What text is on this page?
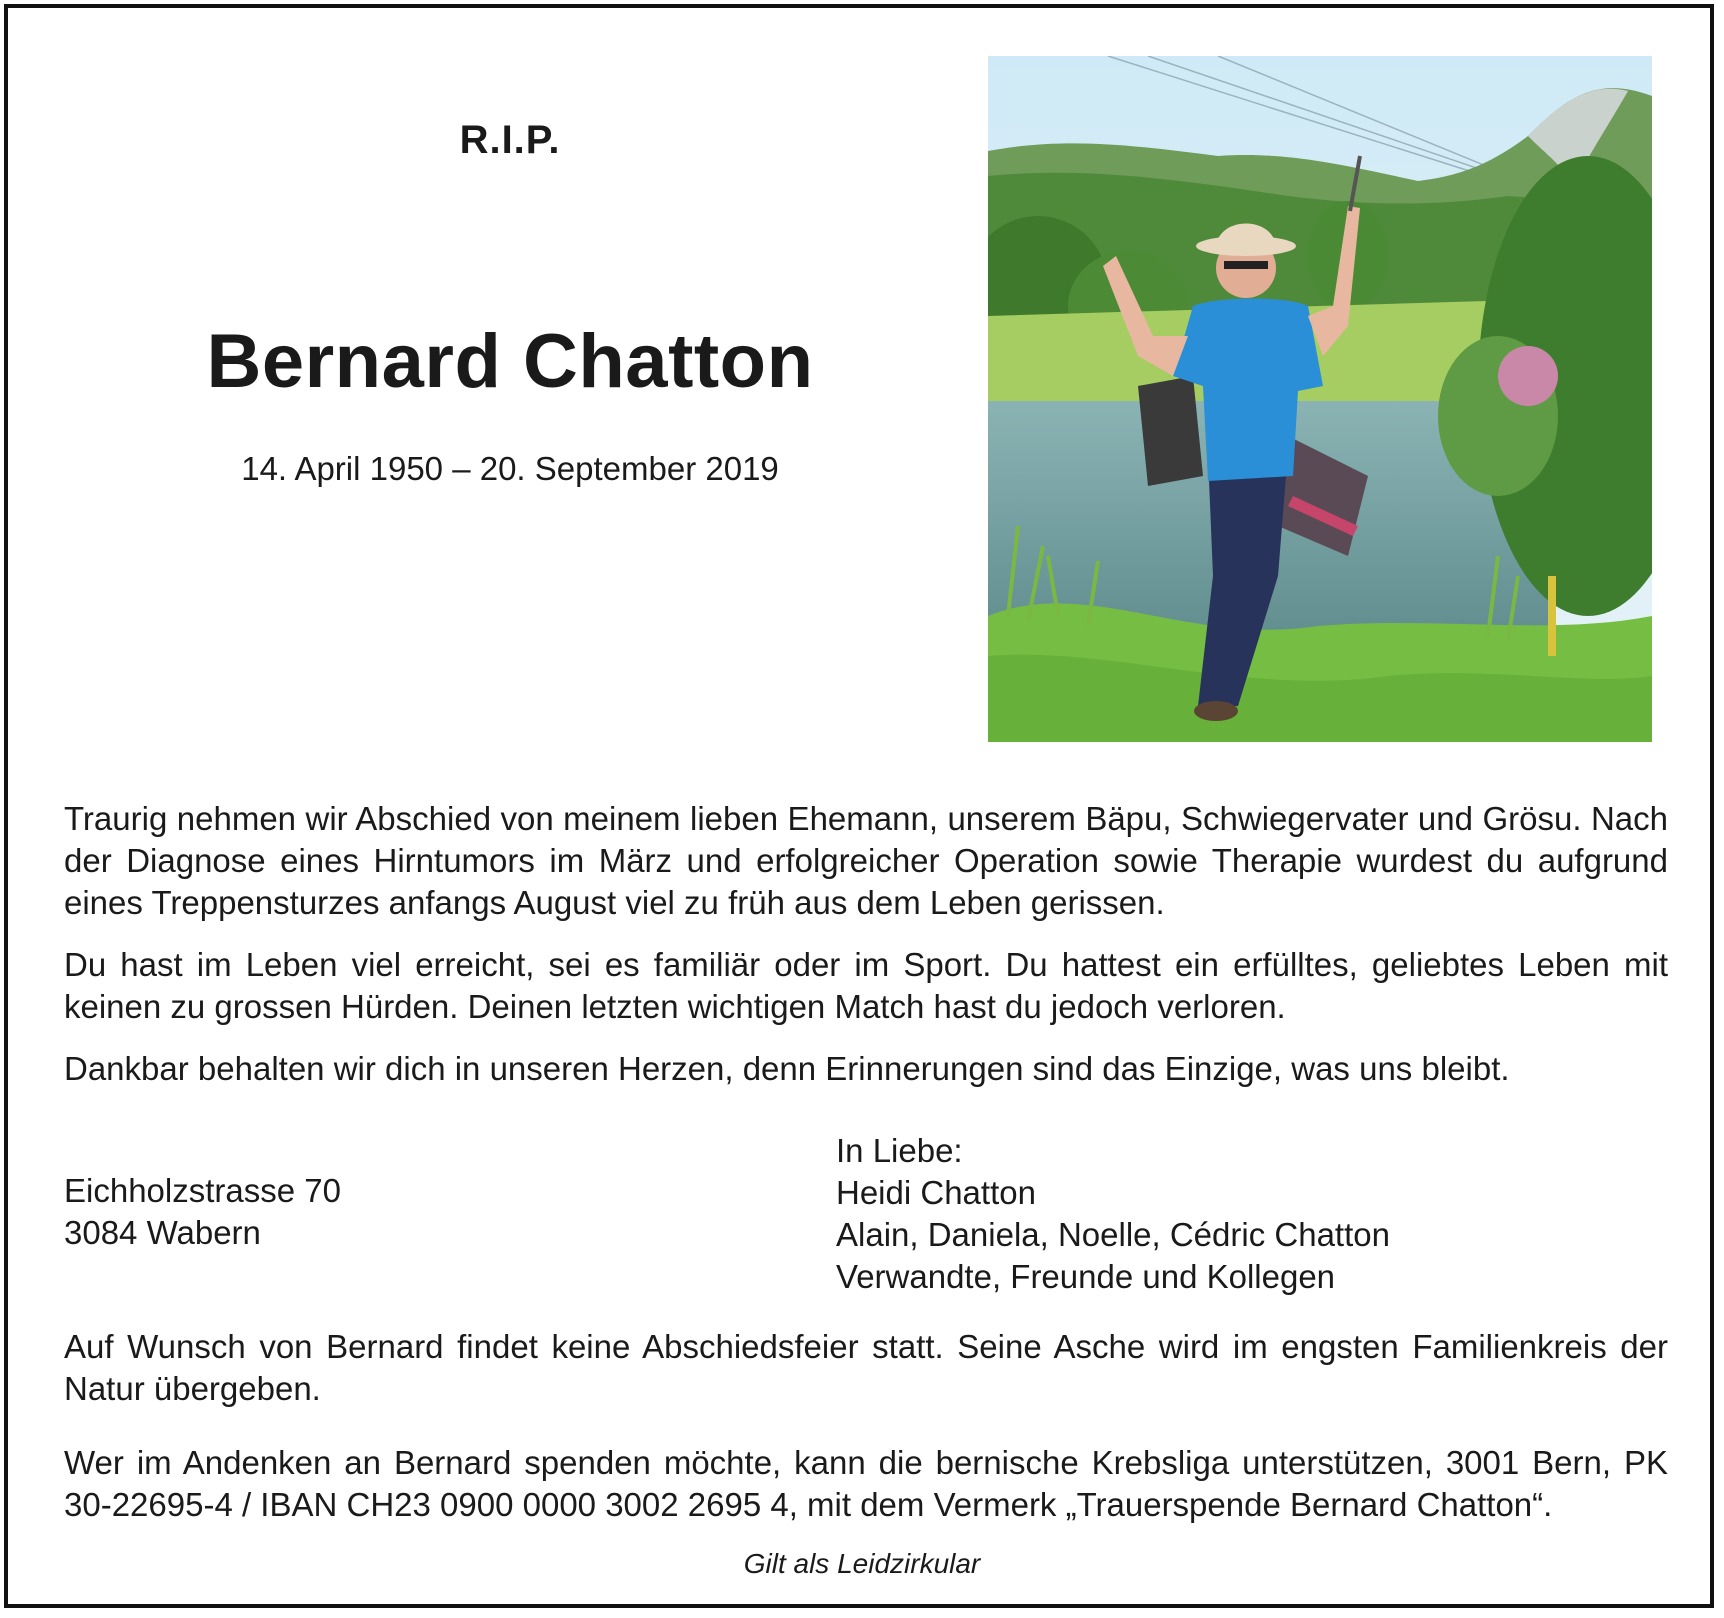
R.I.P.
Bernard Chatton
14. April 1950 – 20. September 2019

Traurig nehmen wir Abschied von meinem lieben Ehemann, unserem Bäpu, Schwiegervater und Grösu. Nach der Diagnose eines Hirntumors im März und erfolgreicher Operation sowie Therapie wurdest du aufgrund eines Treppensturzes anfangs August viel zu früh aus dem Leben gerissen.

Du hast im Leben viel erreicht, sei es familiär oder im Sport. Du hattest ein erfülltes, geliebtes Leben mit keinen zu grossen Hürden. Deinen letzten wichtigen Match hast du jedoch verloren.

Dankbar behalten wir dich in unseren Herzen, denn Erinnerungen sind das Einzige, was uns bleibt.

Eichholzstrasse 70
3084 Wabern
In Liebe:
Heidi Chatton
Alain, Daniela, Noelle, Cédric Chatton
Verwandte, Freunde und Kollegen

Auf Wunsch von Bernard findet keine Abschiedsfeier statt. Seine Asche wird im engsten Familienkreis der Natur übergeben.

Wer im Andenken an Bernard spenden möchte, kann die bernische Krebsliga unterstützen, 3001 Bern, PK 30-22695-4 / IBAN CH23 0900 0000 3002 2695 4, mit dem Vermerk „Trauerspende Bernard Chatton“.

Gilt als Leidzirkular
